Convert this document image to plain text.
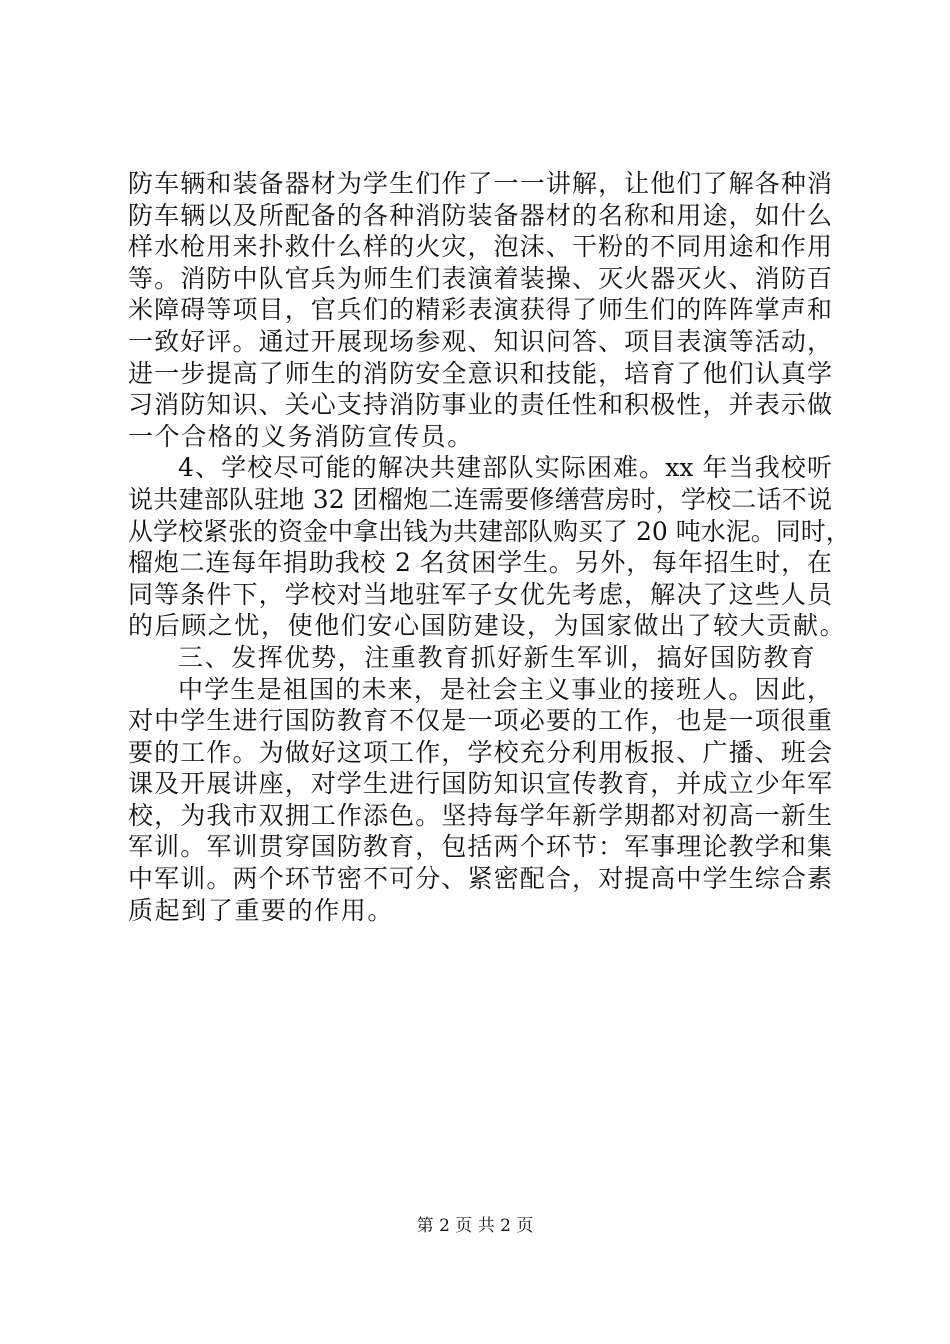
防车辆和装备器材为学生们作了一一讲解，让他们了解各种消
防车辆以及所配备的各种消防装备器材的名称和用途，如什么
样水枪用来扑救什么样的火灾，泡沫、干粉的不同用途和作用
等。消防中队官兵为师生们表演着装操、灭火器灭火、消防百
米障碍等项目，官兵们的精彩表演获得了师生们的阵阵掌声和
一致好评。通过开展现场参观、知识问答、项目表演等活动，
进一步提高了师生的消防安全意识和技能，培育了他们认真学
习消防知识、关心支持消防事业的责任性和积极性，并表示做
一个合格的义务消防宣传员。
4、学校尽可能的解决共建部队实际困难。xx 年当我校听
说共建部队驻地 32 团榴炮二连需要修缮营房时，学校二话不说
从学校紧张的资金中拿出钱为共建部队购买了 20 吨水泥。同时，
榴炮二连每年捐助我校 2 名贫困学生。另外，每年招生时，在
同等条件下，学校对当地驻军子女优先考虑，解决了这些人员
的后顾之忧，使他们安心国防建设，为国家做出了较大贡献。
三、发挥优势，注重教育抓好新生军训，搞好国防教育
中学生是祖国的未来，是社会主义事业的接班人。因此，
对中学生进行国防教育不仅是一项必要的工作，也是一项很重
要的工作。为做好这项工作，学校充分利用板报、广播、班会
课及开展讲座，对学生进行国防知识宣传教育，并成立少年军
校，为我市双拥工作添色。坚持每学年新学期都对初高一新生
军训。军训贯穿国防教育，包括两个环节：军事理论教学和集
中军训。两个环节密不可分、紧密配合，对提高中学生综合素
质起到了重要的作用。
第 2 页 共 2 页
